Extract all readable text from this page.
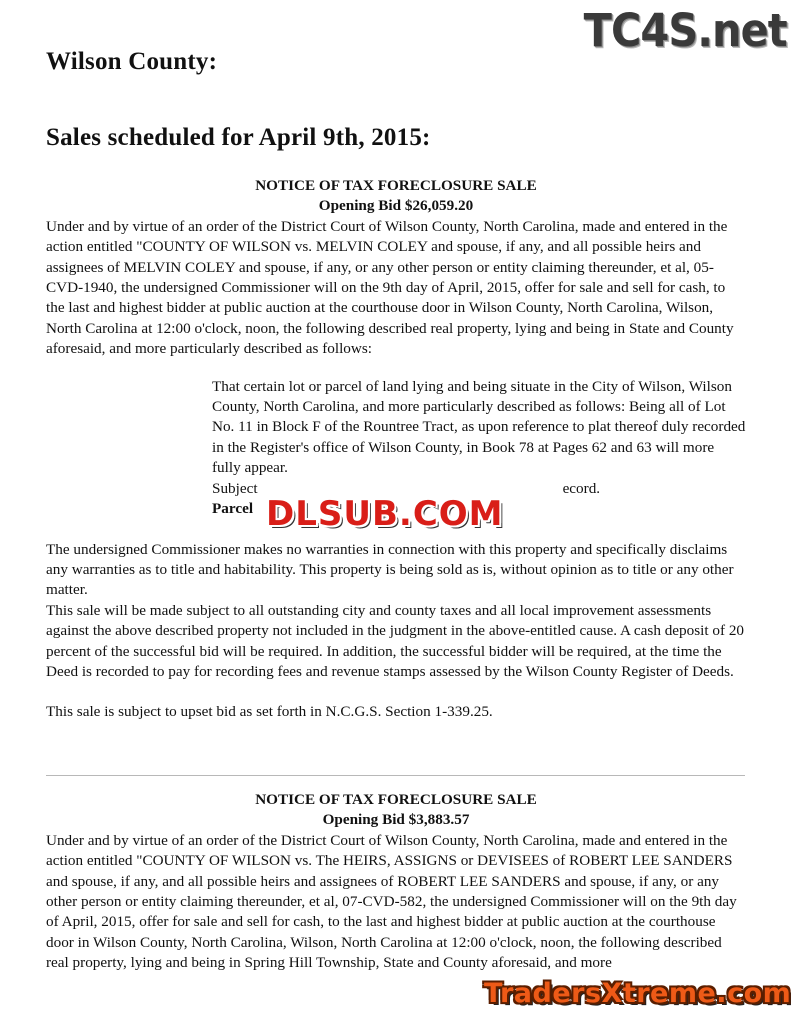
Wilson County:
Sales scheduled for April 9th, 2015:

NOTICE OF TAX FORECLOSURE SALE

Opening Bid $26,059.20

Under and by virtue of an order of the District Court of Wilson County, North Carolina, made and entered in the action entitled "COUNTY OF WILSON vs. MELVIN COLEY and spouse, if any, and all possible heirs and assignees of MELVIN COLEY and spouse, if any, or any other person or entity claiming thereunder, et al, 05-CVD-1940, the undersigned Commissioner will on the 9th day of April, 2015, offer for sale and sell for cash, to the last and highest bidder at public auction at the courthouse door in Wilson County, North Carolina, Wilson, North Carolina at 12:00 o'clock, noon, the following described real property, lying and being in State and County aforesaid, and more particularly described as follows:

That certain lot or parcel of land lying and being situate in the City of Wilson, Wilson County, North Carolina, and more particularly described as follows: Being all of Lot No. 11 in Block F of the Rountree Tract, as upon reference to plat thereof duly recorded in the Register's office of Wilson County, in Book 78 at Pages 62 and 63 will more fully appear.

Subject	ecord.

Parcel

The undersigned Commissioner makes no warranties in connection with this property and specifically disclaims any warranties as to title and habitability. This property is being sold as is, without opinion as to title or any other matter.

This sale will be made subject to all outstanding city and county taxes and all local improvement assessments against the above described property not included in the judgment in the above-entitled cause. A cash deposit of 20 percent of the successful bid will be required. In addition, the successful bidder will be required, at the time the Deed is recorded to pay for recording fees and revenue stamps assessed by the Wilson County Register of Deeds.

This sale is subject to upset bid as set forth in N.C.G.S. Section 1-339.25.

NOTICE OF TAX FORECLOSURE SALE

Opening Bid $3,883.57

Under and by virtue of an order of the District Court of Wilson County, North Carolina, made and entered in the action entitled "COUNTY OF WILSON vs. The HEIRS, ASSIGNS or DEVISEES of ROBERT LEE SANDERS and spouse, if any, and all possible heirs and assignees of ROBERT LEE SANDERS and spouse, if any, or any other person or entity claiming thereunder, et al, 07-CVD-582, the undersigned Commissioner will on the 9th day of April, 2015, offer for sale and sell for cash, to the last and highest bidder at public auction at the courthouse door in Wilson County, North Carolina, Wilson, North Carolina at 12:00 o'clock, noon, the following described real property, lying and being in Spring Hill Township, State and County aforesaid, and more

TC4S.net
DLSUB.COM
TradersXtreme.com
